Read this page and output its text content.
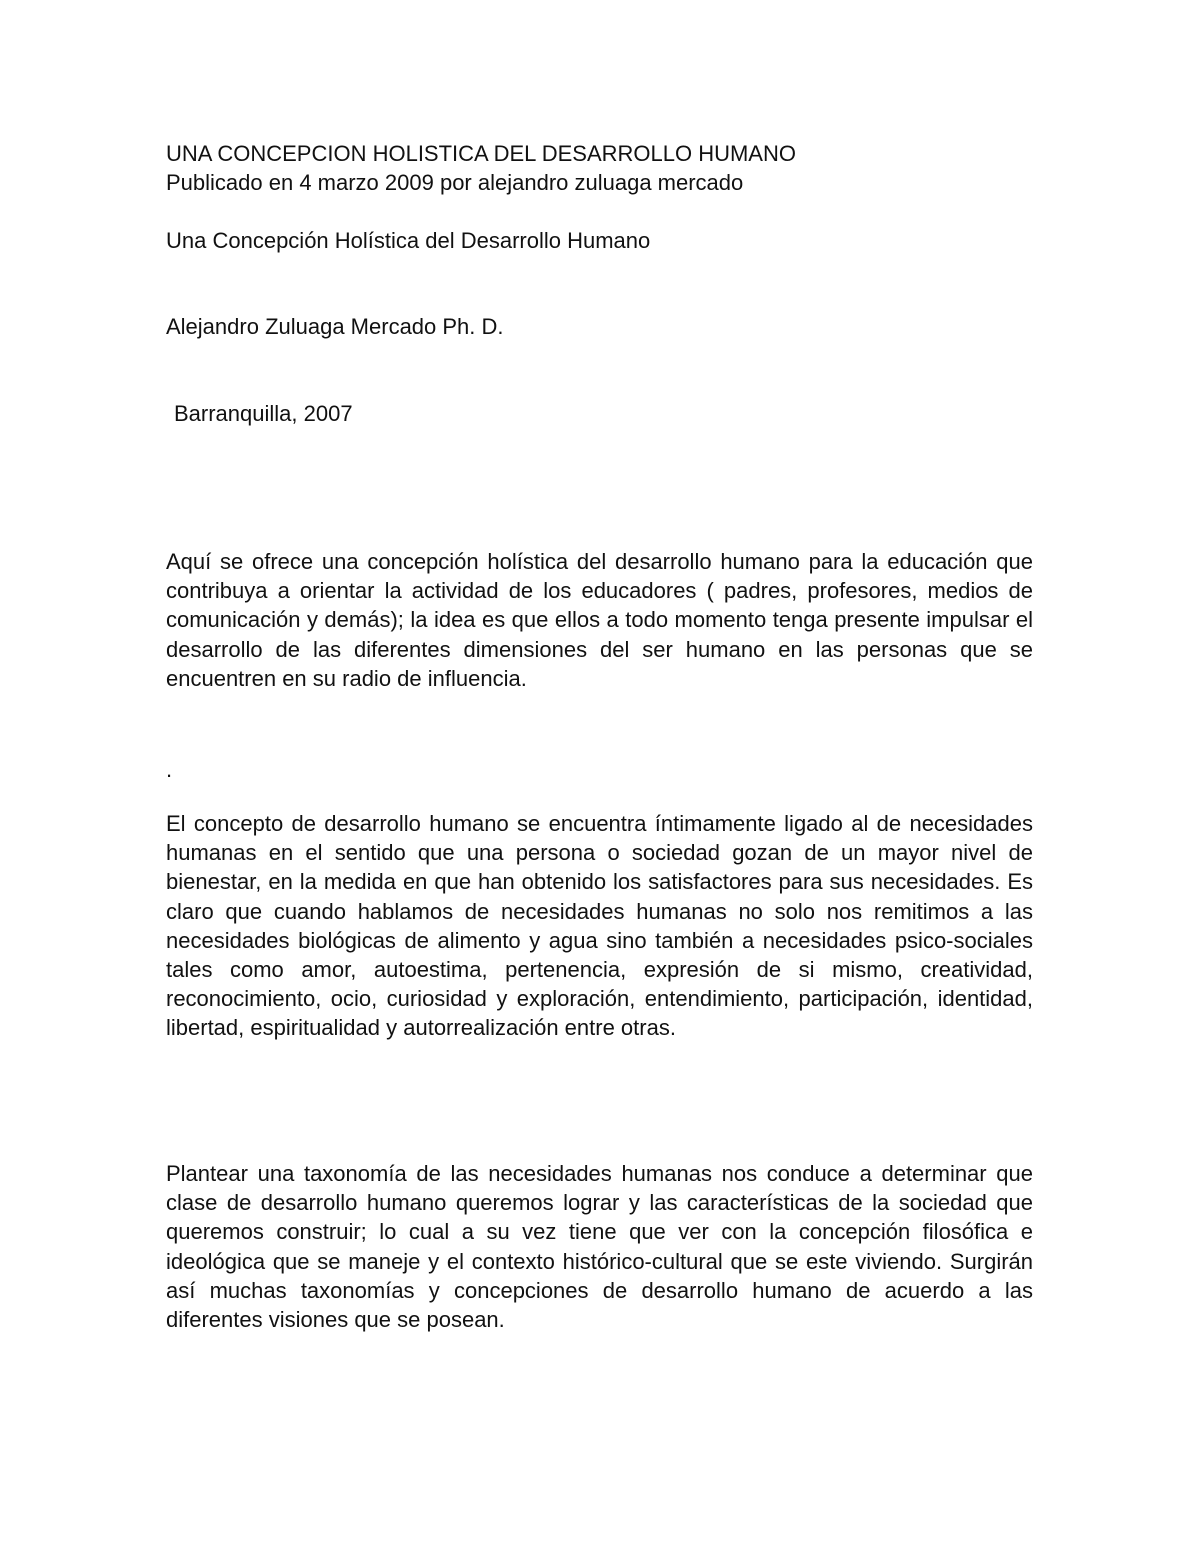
UNA CONCEPCION HOLISTICA DEL DESARROLLO HUMANO

Publicado en 4 marzo 2009 por alejandro zuluaga mercado

Una Concepción Holística del Desarrollo Humano

Alejandro Zuluaga Mercado Ph. D.

Barranquilla, 2007

Aquí se ofrece una concepción holística del desarrollo humano para la educación que contribuya a orientar la actividad de los educadores ( padres, profesores, medios de comunicación y demás); la idea es que ellos a todo momento tenga presente impulsar el desarrollo de las diferentes dimensiones del ser humano en las personas que se encuentren en su radio de influencia.

.

El concepto de desarrollo humano se encuentra íntimamente ligado al de necesidades humanas en el sentido que una persona o sociedad gozan de un mayor nivel de bienestar, en la medida en que han obtenido los satisfactores para sus necesidades. Es claro que cuando hablamos de necesidades humanas no solo nos remitimos a las necesidades biológicas de alimento y agua sino también a necesidades psico-sociales tales como amor, autoestima, pertenencia, expresión de si mismo, creatividad, reconocimiento, ocio, curiosidad y exploración, entendimiento, participación, identidad, libertad, espiritualidad y autorrealización entre otras.

Plantear una taxonomía de las necesidades humanas nos conduce a determinar que clase de desarrollo humano queremos lograr y las características de la sociedad que queremos construir; lo cual a su vez tiene que ver con la concepción filosófica e ideológica que se maneje y el contexto histórico-cultural que se este viviendo. Surgirán así muchas taxonomías y concepciones de desarrollo humano de acuerdo a las diferentes visiones que se posean.
